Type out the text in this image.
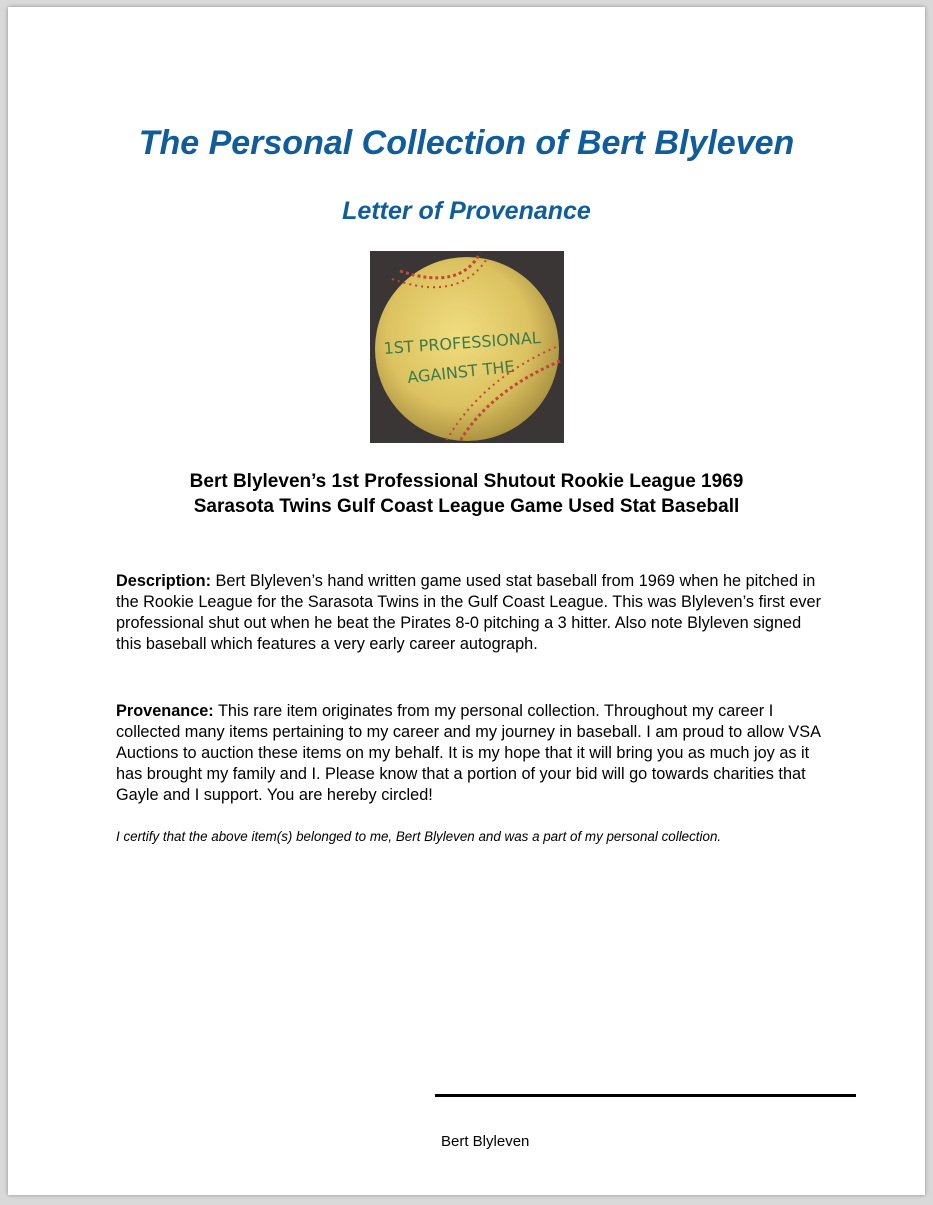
The Personal Collection of Bert Blyleven
Letter of Provenance
1ST PROFESSIONAL
AGAINST THE
Bert Blyleven’s 1st Professional Shutout Rookie League 1969
Sarasota Twins Gulf Coast League Game Used Stat Baseball

Description: Bert Blyleven’s hand written game used stat baseball from 1969 when he pitched in the Rookie League for the Sarasota Twins in the Gulf Coast League. This was Blyleven’s first ever professional shut out when he beat the Pirates 8-0 pitching a 3 hitter. Also note Blyleven signed this baseball which features a very early career autograph.

Provenance: This rare item originates from my personal collection. Throughout my career I collected many items pertaining to my career and my journey in baseball. I am proud to allow VSA Auctions to auction these items on my behalf. It is my hope that it will bring you as much joy as it has brought my family and I. Please know that a portion of your bid will go towards charities that Gayle and I support. You are hereby circled!

I certify that the above item(s) belonged to me, Bert Blyleven and was a part of my personal collection.

Bert Blyleven
